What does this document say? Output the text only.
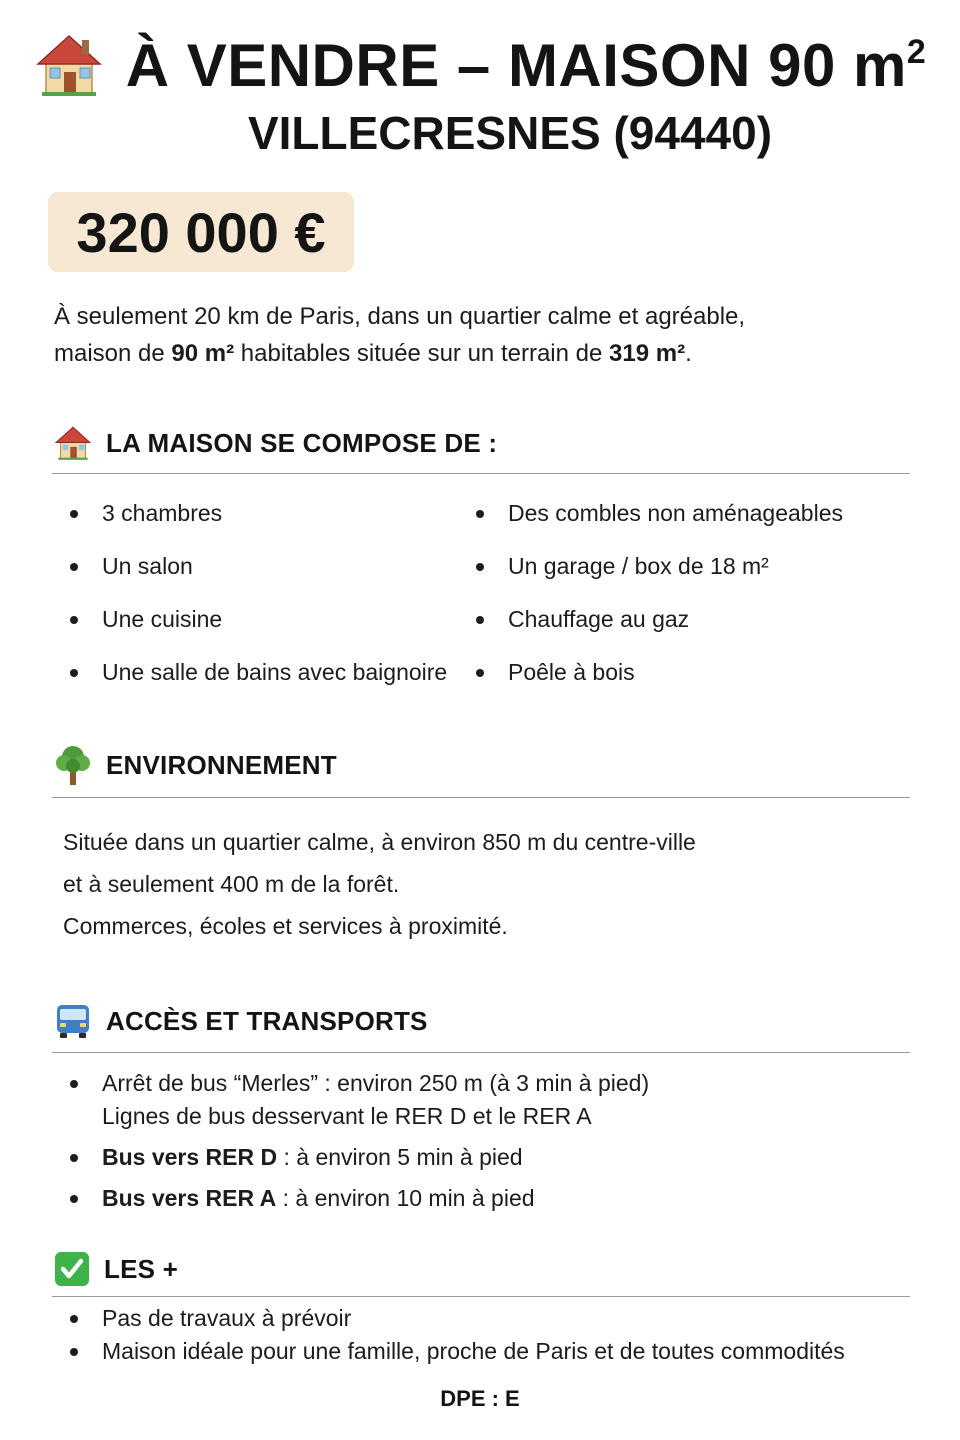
À VENDRE – MAISON 90 $m^2$
VILLECRESNES (94440)
320 000 €
À seulement 20 km de Paris, dans un quartier calme et agréable,
maison de 90 m² habitables située sur un terrain de 319 m².
LA MAISON SE COMPOSE DE :
3 chambres
Un salon
Une cuisine
Une salle de bains avec baignoire
Des combles non aménageables
Un garage / box de 18 m²
Chauffage au gaz
Poêle à bois
ENVIRONNEMENT
Située dans un quartier calme, à environ 850 m du centre-ville
et à seulement 400 m de la forêt.
Commerces, écoles et services à proximité.
ACCÈS ET TRANSPORTS
Arrêt de bus “Merles” : environ 250 m (à 3 min à pied)
Lignes de bus desservant le RER D et le RER A
Bus vers RER D : à environ 5 min à pied
Bus vers RER A : à environ 10 min à pied
LES +
Pas de travaux à prévoir
Maison idéale pour une famille, proche de Paris et de toutes commodités
DPE : E
